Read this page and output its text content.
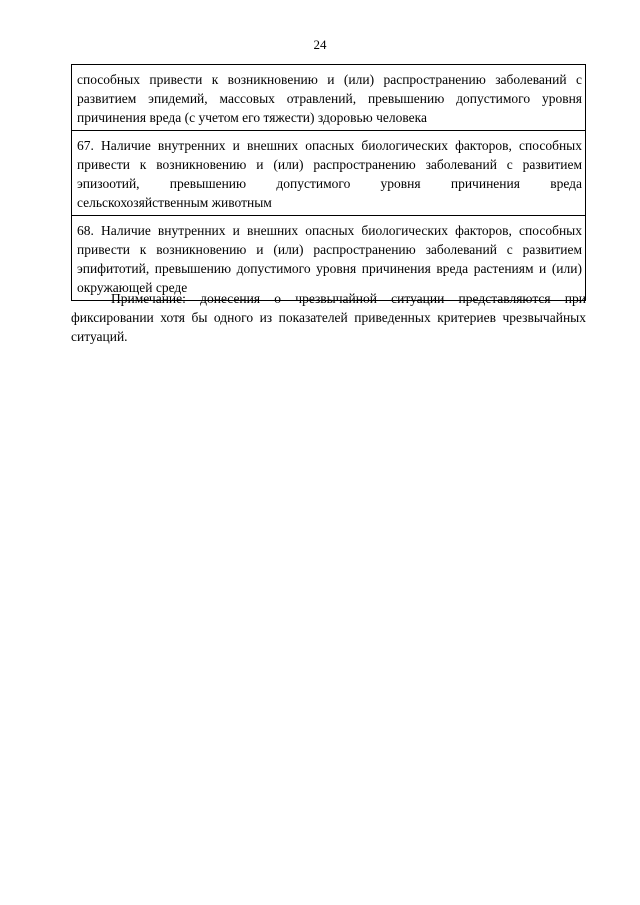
24
способных привести к возникновению и (или) распространению заболеваний с развитием эпидемий, массовых отравлений, превышению допустимого уровня причинения вреда (с учетом его тяжести) здоровью человека
67. Наличие внутренних и внешних опасных биологических факторов, способных привести к возникновению и (или) распространению заболеваний с развитием эпизоотий, превышению допустимого уровня причинения вреда сельскохозяйственным животным
68. Наличие внутренних и внешних опасных биологических факторов, способных привести к возникновению и (или) распространению заболеваний с развитием эпифитотий, превышению допустимого уровня причинения вреда растениям и (или) окружающей среде

Примечание: донесения о чрезвычайной ситуации представляются при фиксировании хотя бы одного из показателей приведенных критериев чрезвычайных ситуаций.
